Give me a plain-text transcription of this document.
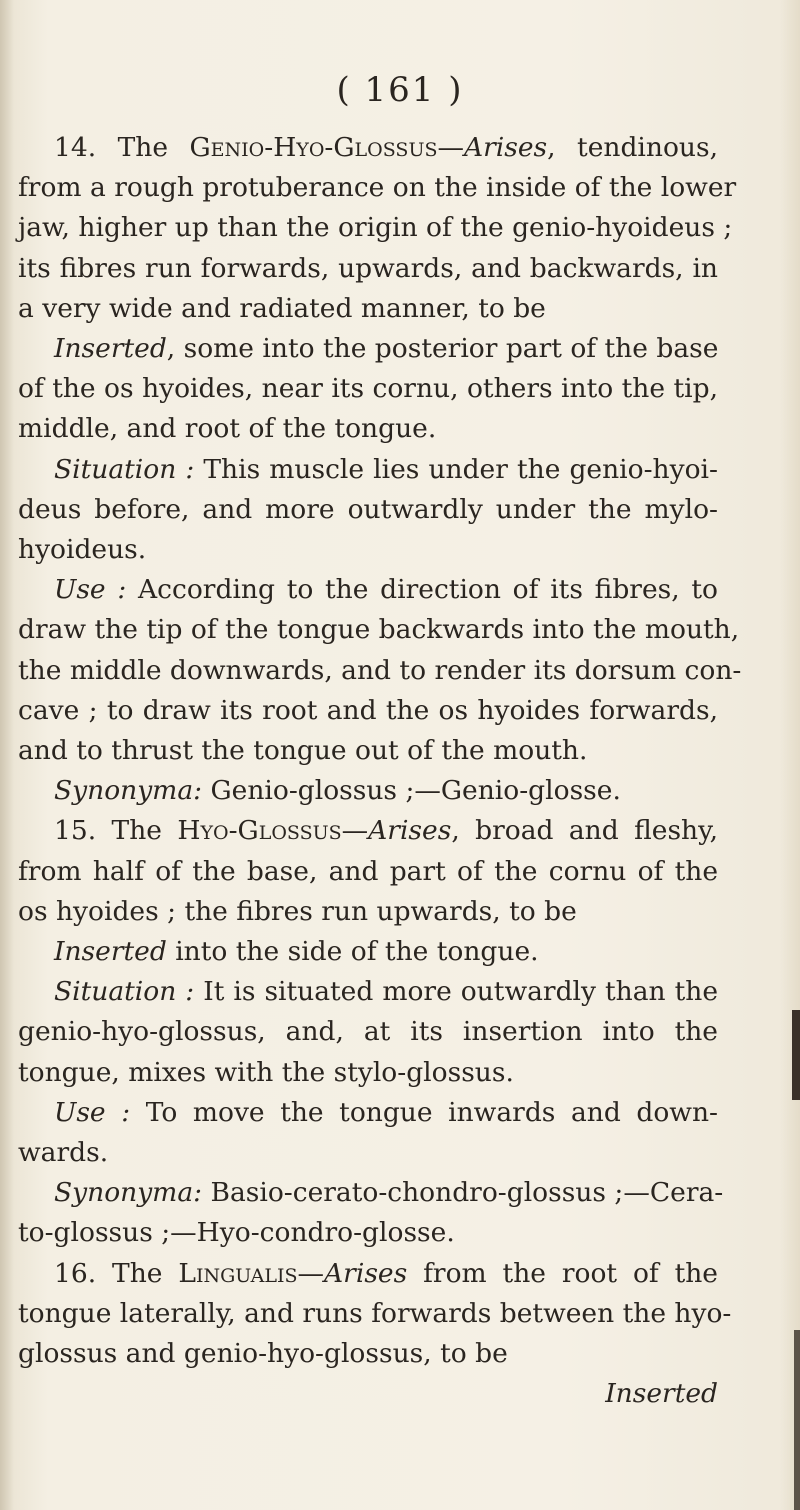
( 161 )
14. The Genio-Hyo-Glossus—Arises, tendinous,
from a rough protuberance on the inside of the lower
jaw, higher up than the origin of the genio-hyoideus ;
its fibres run forwards, upwards, and backwards, in
a very wide and radiated manner, to be
Inserted, some into the posterior part of the base
of the os hyoides, near its cornu, others into the tip,
middle, and root of the tongue.
Situation : This muscle lies under the genio-hyoi-
deus before, and more outwardly under the mylo-
hyoideus.
Use : According to the direction of its fibres, to
draw the tip of the tongue backwards into the mouth,
the middle downwards, and to render its dorsum con-
cave ; to draw its root and the os hyoides forwards,
and to thrust the tongue out of the mouth.
Synonyma: Genio-glossus ;—Genio-glosse.
15. The Hyo-Glossus—Arises, broad and fleshy,
from half of the base, and part of the cornu of the
os hyoides ; the fibres run upwards, to be
Inserted into the side of the tongue.
Situation : It is situated more outwardly than the
genio-hyo-glossus, and, at its insertion into the
tongue, mixes with the stylo-glossus.
Use : To move the tongue inwards and down-
wards.
Synonyma: Basio-cerato-chondro-glossus ;—Cera-
to-glossus ;—Hyo-condro-glosse.
16. The Lingualis—Arises from the root of the
tongue laterally, and runs forwards between the hyo-
glossus and genio-hyo-glossus, to be
Inserted
